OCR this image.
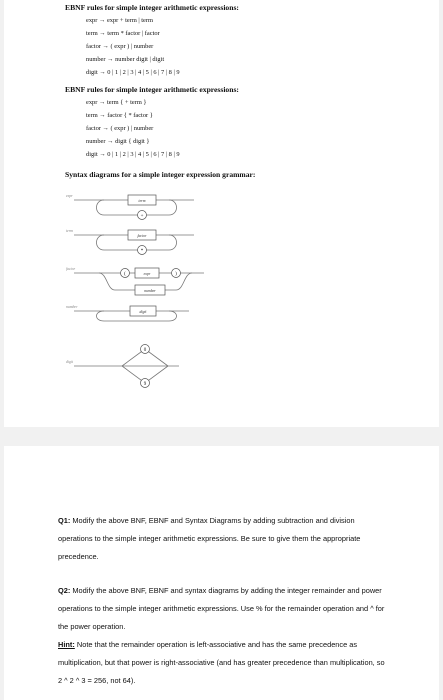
EBNF rules for simple integer arithmetic expressions:
expr → expr + term | term
term → term * factor | factor
factor → ( expr ) | number
number → number digit | digit
digit → 0 | 1 | 2 | 3 | 4 | 5 | 6 | 7 | 8 | 9
EBNF rules for simple integer arithmetic expressions:
expr → term { + term }
term → factor { * factor }
factor → ( expr ) | number
number → digit { digit }
digit → 0 | 1 | 2 | 3 | 4 | 5 | 6 | 7 | 8 | 9
Syntax diagrams for a simple integer expression grammar:
expr
term
factor
number
digit
term
factor
expr
number
digit
+
*
(	)
0
9
Q1: Modify the above BNF, EBNF and Syntax Diagrams by adding subtraction and division operations to the simple integer arithmetic expressions. Be sure to give them the appropriate precedence.
Q2: Modify the above BNF, EBNF and syntax diagrams by adding the integer remainder and power operations to the simple integer arithmetic expressions. Use % for the remainder operation and ^ for the power operation.
Hint: Note that the remainder operation is left-associative and has the same precedence as multiplication, but that power is right-associative (and has greater precedence than multiplication, so 2 ^ 2 ^ 3 = 256, not 64).
